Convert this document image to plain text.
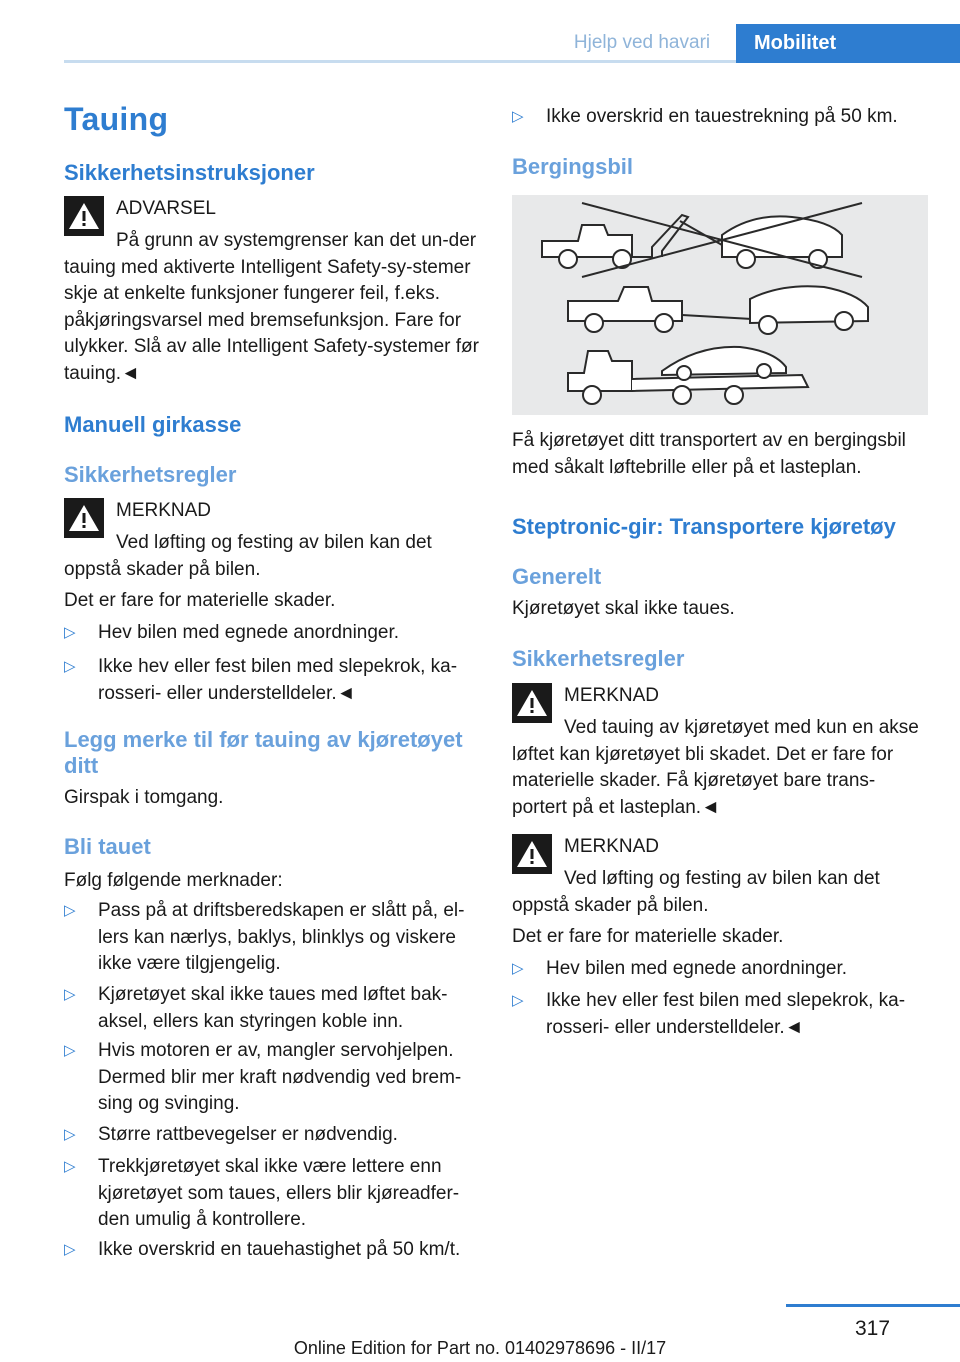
Hjelp ved havari	Mobilitet
Tauing
Sikkerhetsinstruksjoner
ADVARSEL
På grunn av systemgrenser kan det un-der tauing med aktiverte Intelligent Safety-sy-stemer skje at enkelte funksjoner fungerer feil, f.eks. påkjøringsvarsel med bremsefunksjon. Fare for ulykker. Slå av alle Intelligent Safety-systemer før tauing.◄
Manuell girkasse
Sikkerhetsregler
MERKNAD
Ved løfting og festing av bilen kan det oppstå skader på bilen.

Det er fare for materielle skader.

▷ Hev bilen med egnede anordninger.
▷ Ikke hev eller fest bilen med slepekrok, ka-rosseri- eller understelldeler.◄
Legg merke til før tauing av kjøretøyet ditt

Girspak i tomgang.

Bli tauet

Følg følgende merknader:

▷ Pass på at driftsberedskapen er slått på, el-lers kan nærlys, baklys, blinklys og viskere ikke være tilgjengelig.
▷ Kjøretøyet skal ikke taues med løftet bak-aksel, ellers kan styringen koble inn.
▷ Hvis motoren er av, mangler servohjelpen. Dermed blir mer kraft nødvendig ved brem-sing og svinging.
▷ Større rattbevegelser er nødvendig.
▷ Trekkjøretøyet skal ikke være lettere enn kjøretøyet som taues, ellers blir kjøreadfer-den umulig å kontrollere.
▷ Ikke overskrid en tauehastighet på 50 km/t.
▷ Ikke overskrid en tauestrekning på 50 km.
Bergingsbil

Få kjøretøyet ditt transportert av en bergingsbil med såkalt løftebrille eller på et lasteplan.

Steptronic-gir: Transportere kjøretøy
Generelt

Kjøretøyet skal ikke taues.

Sikkerhetsregler
MERKNAD
Ved tauing av kjøretøyet med kun en akse løftet kan kjøretøyet bli skadet. Det er fare for materielle skader. Få kjøretøyet bare trans-portert på et lasteplan.◄
MERKNAD
Ved løfting og festing av bilen kan det oppstå skader på bilen.

Det er fare for materielle skader.

▷ Hev bilen med egnede anordninger.
▷ Ikke hev eller fest bilen med slepekrok, ka-rosseri- eller understelldeler.◄
317
Online Edition for Part no. 01402978696 - II/17
